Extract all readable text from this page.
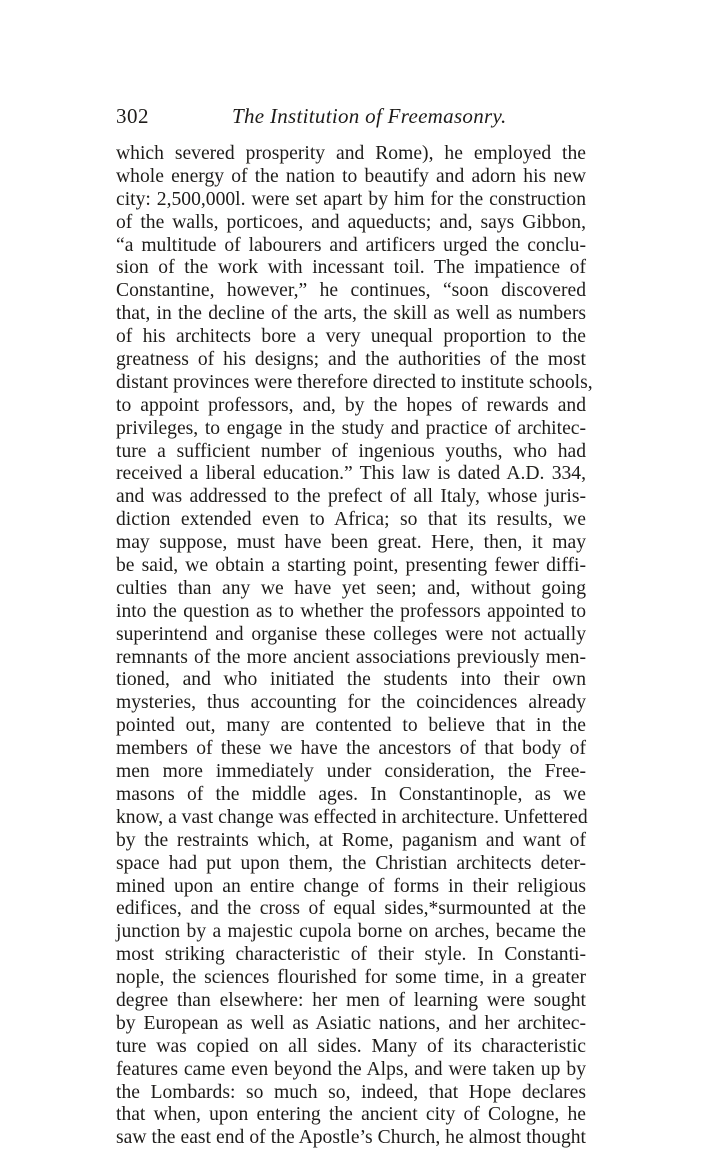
302	The Institution of Freemasonry.
which severed prosperity and Rome), he employed the
whole energy of the nation to beautify and adorn his new
city: 2,500,000l. were set apart by him for the construction
of the walls, porticoes, and aqueducts; and, says Gibbon,
“a multitude of labourers and artificers urged the conclu-
sion of the work with incessant toil. The impatience of
Constantine, however,” he continues, “soon discovered
that, in the decline of the arts, the skill as well as numbers
of his architects bore a very unequal proportion to the
greatness of his designs; and the authorities of the most
distant provinces were therefore directed to institute schools,
to appoint professors, and, by the hopes of rewards and
privileges, to engage in the study and practice of architec-
ture a sufficient number of ingenious youths, who had
received a liberal education.” This law is dated A.D. 334,
and was addressed to the prefect of all Italy, whose juris-
diction extended even to Africa; so that its results, we
may suppose, must have been great. Here, then, it may
be said, we obtain a starting point, presenting fewer diffi-
culties than any we have yet seen; and, without going
into the question as to whether the professors appointed to
superintend and organise these colleges were not actually
remnants of the more ancient associations previously men-
tioned, and who initiated the students into their own
mysteries, thus accounting for the coincidences already
pointed out, many are contented to believe that in the
members of these we have the ancestors of that body of
men more immediately under consideration, the Free-
masons of the middle ages. In Constantinople, as we
know, a vast change was effected in architecture. Unfettered
by the restraints which, at Rome, paganism and want of
space had put upon them, the Christian architects deter-
mined upon an entire change of forms in their religious
edifices, and the cross of equal sides,*surmounted at the
junction by a majestic cupola borne on arches, became the
most striking characteristic of their style. In Constanti-
nople, the sciences flourished for some time, in a greater
degree than elsewhere: her men of learning were sought
by European as well as Asiatic nations, and her architec-
ture was copied on all sides. Many of its characteristic
features came even beyond the Alps, and were taken up by
the Lombards: so much so, indeed, that Hope declares
that when, upon entering the ancient city of Cologne, he
saw the east end of the Apostle’s Church, he almost thought
